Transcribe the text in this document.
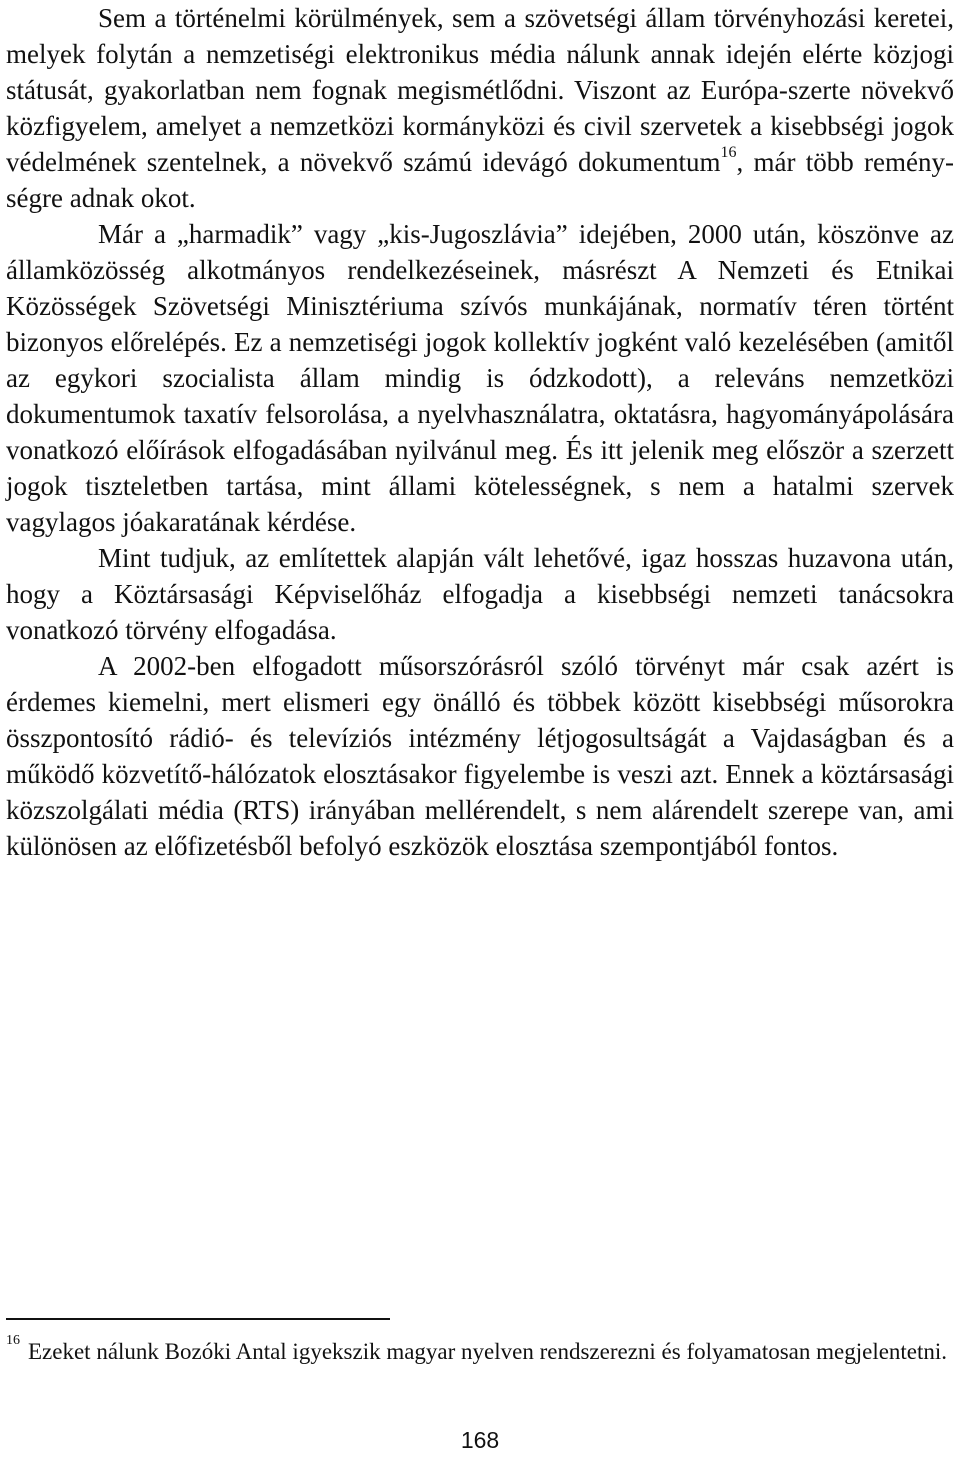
Sem a történelmi körülmények, sem a szövetségi állam törvényhozási keretei, melyek folytán a nemzetiségi elektronikus média nálunk annak idején elérte közjogi státusát, gyakorlatban nem fognak megismétlődni. Viszont az Európa-szerte növekvő közfigyelem, amelyet a nemzetközi kormányközi és civil szervetek a kisebbségi jogok védelmének szentelnek, a növekvő számú idevágó dokumentum$^{16}$, már több reménységre adnak okot.

Már a „harmadik” vagy „kis-Jugoszlávia” idejében, 2000 után, köszönve az államközösség alkotmányos rendelkezéseinek, másrészt A Nemzeti és Etnikai Közösségek Szövetségi Minisztériuma szívós munkájának, normatív téren történt bizonyos előrelépés. Ez a nemzetiségi jogok kollektív jogként való kezelésében (amitől az egykori szocialista állam mindig is ódzkodott), a releváns nemzetközi dokumentumok taxatív felsorolása, a nyelvhasználatra, oktatásra, hagyományápolására vonatkozó előírások elfogadásában nyilvánul meg. És itt jelenik meg először a szerzett jogok tiszteletben tartása, mint állami kötelességnek, s nem a hatalmi szervek vagylagos jóakaratának kérdése.

Mint tudjuk, az említettek alapján vált lehetővé, igaz hosszas huzavona után, hogy a Köztársasági Képviselőház elfogadja a kisebbségi nemzeti tanácsokra vonatkozó törvény elfogadása.

A 2002-ben elfogadott műsorszórásról szóló törvényt már csak azért is érdemes kiemelni, mert elismeri egy önálló és többek között kisebbségi műsorokra összpontosító rádió- és televíziós intézmény létjogosultságát a Vajdaságban és a működő közvetítő-hálózatok elosztásakor figyelembe is veszi azt. Ennek a köztársasági közszolgálati média (RTS) irányában mellérendelt, s nem alárendelt szerepe van, ami különösen az előfizetésből befolyó eszközök elosztása szempontjából fontos.

$^{16}$ Ezeket nálunk Bozóki Antal igyekszik magyar nyelven rendszerezni és folyamatosan megjelentetni.

168
